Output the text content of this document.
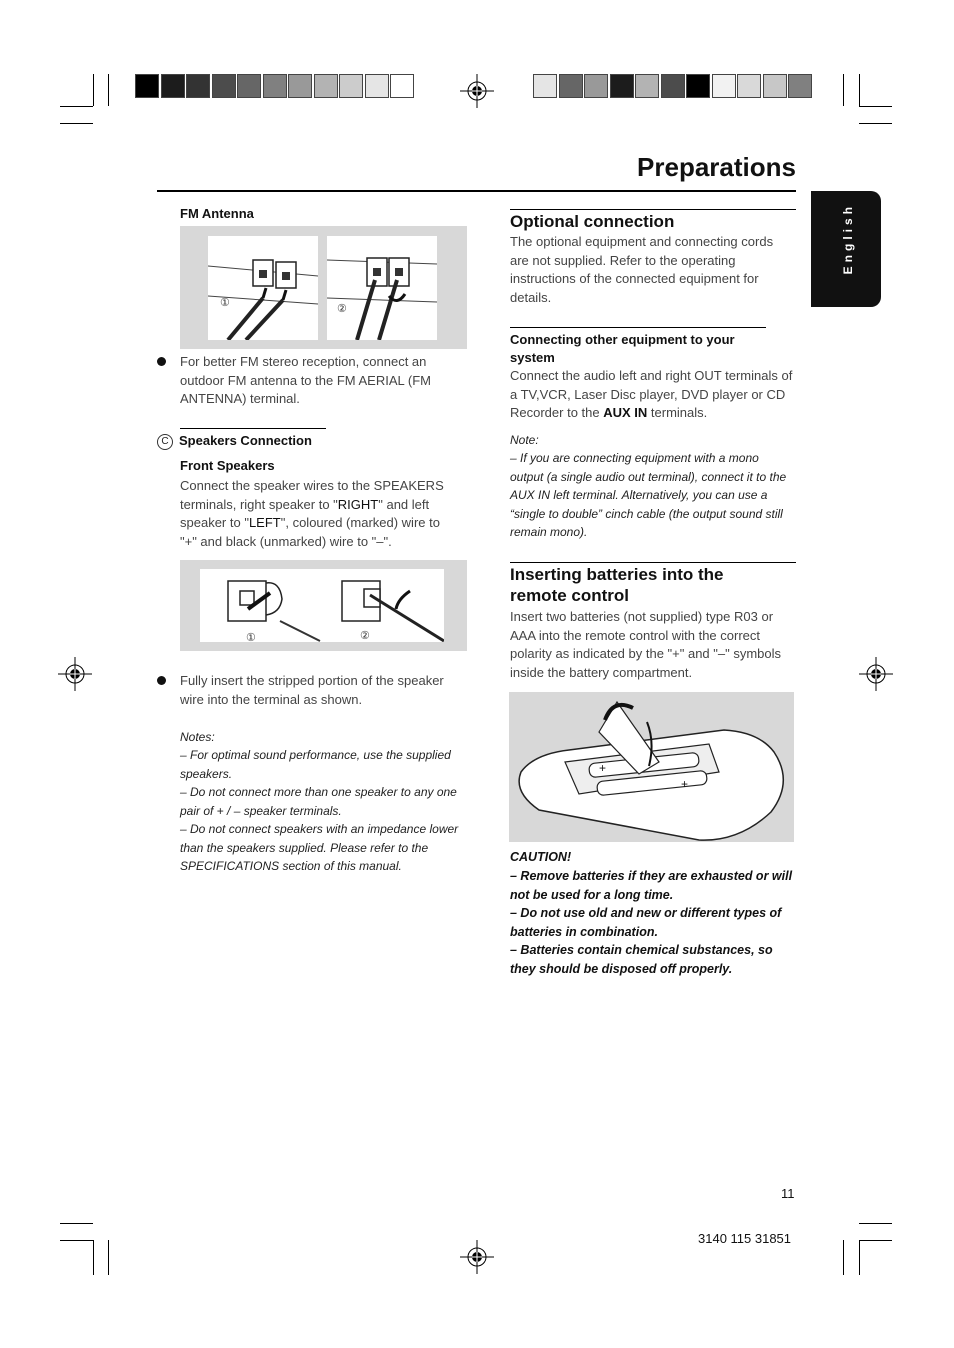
Preparations
English
FM Antenna
①	②
For better FM stereo reception, connect an outdoor FM antenna to the FM AERIAL (FM ANTENNA) terminal.
C Speakers Connection
Front Speakers
Connect the speaker wires to the SPEAKERS terminals, right speaker to "RIGHT" and left speaker to "LEFT", coloured (marked) wire to "+" and black (unmarked) wire to "–".
①	②
Fully insert the stripped portion of the speaker wire into the terminal as shown.
Notes:
– For optimal sound performance, use the supplied speakers.
– Do not connect more than one speaker to any one pair of + / – speaker terminals.
– Do not connect speakers with an impedance lower than the speakers supplied. Please refer to the SPECIFICATIONS section of this manual.
Optional connection
The optional equipment and connecting cords are not supplied. Refer to the operating instructions of the connected equipment for details.
Connecting other equipment to your system
Connect the audio left and right OUT terminals of a TV,VCR, Laser Disc player, DVD player or CD Recorder to the AUX IN terminals.
Note:
– If you are connecting equipment with a mono output (a single audio out terminal), connect it to the AUX IN left terminal. Alternatively, you can use a “single to double” cinch cable (the output sound still remain mono).
Inserting batteries into the remote control
Insert two batteries (not supplied) type R03 or AAA into the remote control with the correct polarity as indicated by the "+" and "–" symbols inside the battery compartment.
+
+
CAUTION!
– Remove batteries if they are exhausted or will not be used for a long time.
– Do not use old and new or different types of batteries in combination.
– Batteries contain chemical substances, so they should be disposed off properly.
11
3140 115 31851
